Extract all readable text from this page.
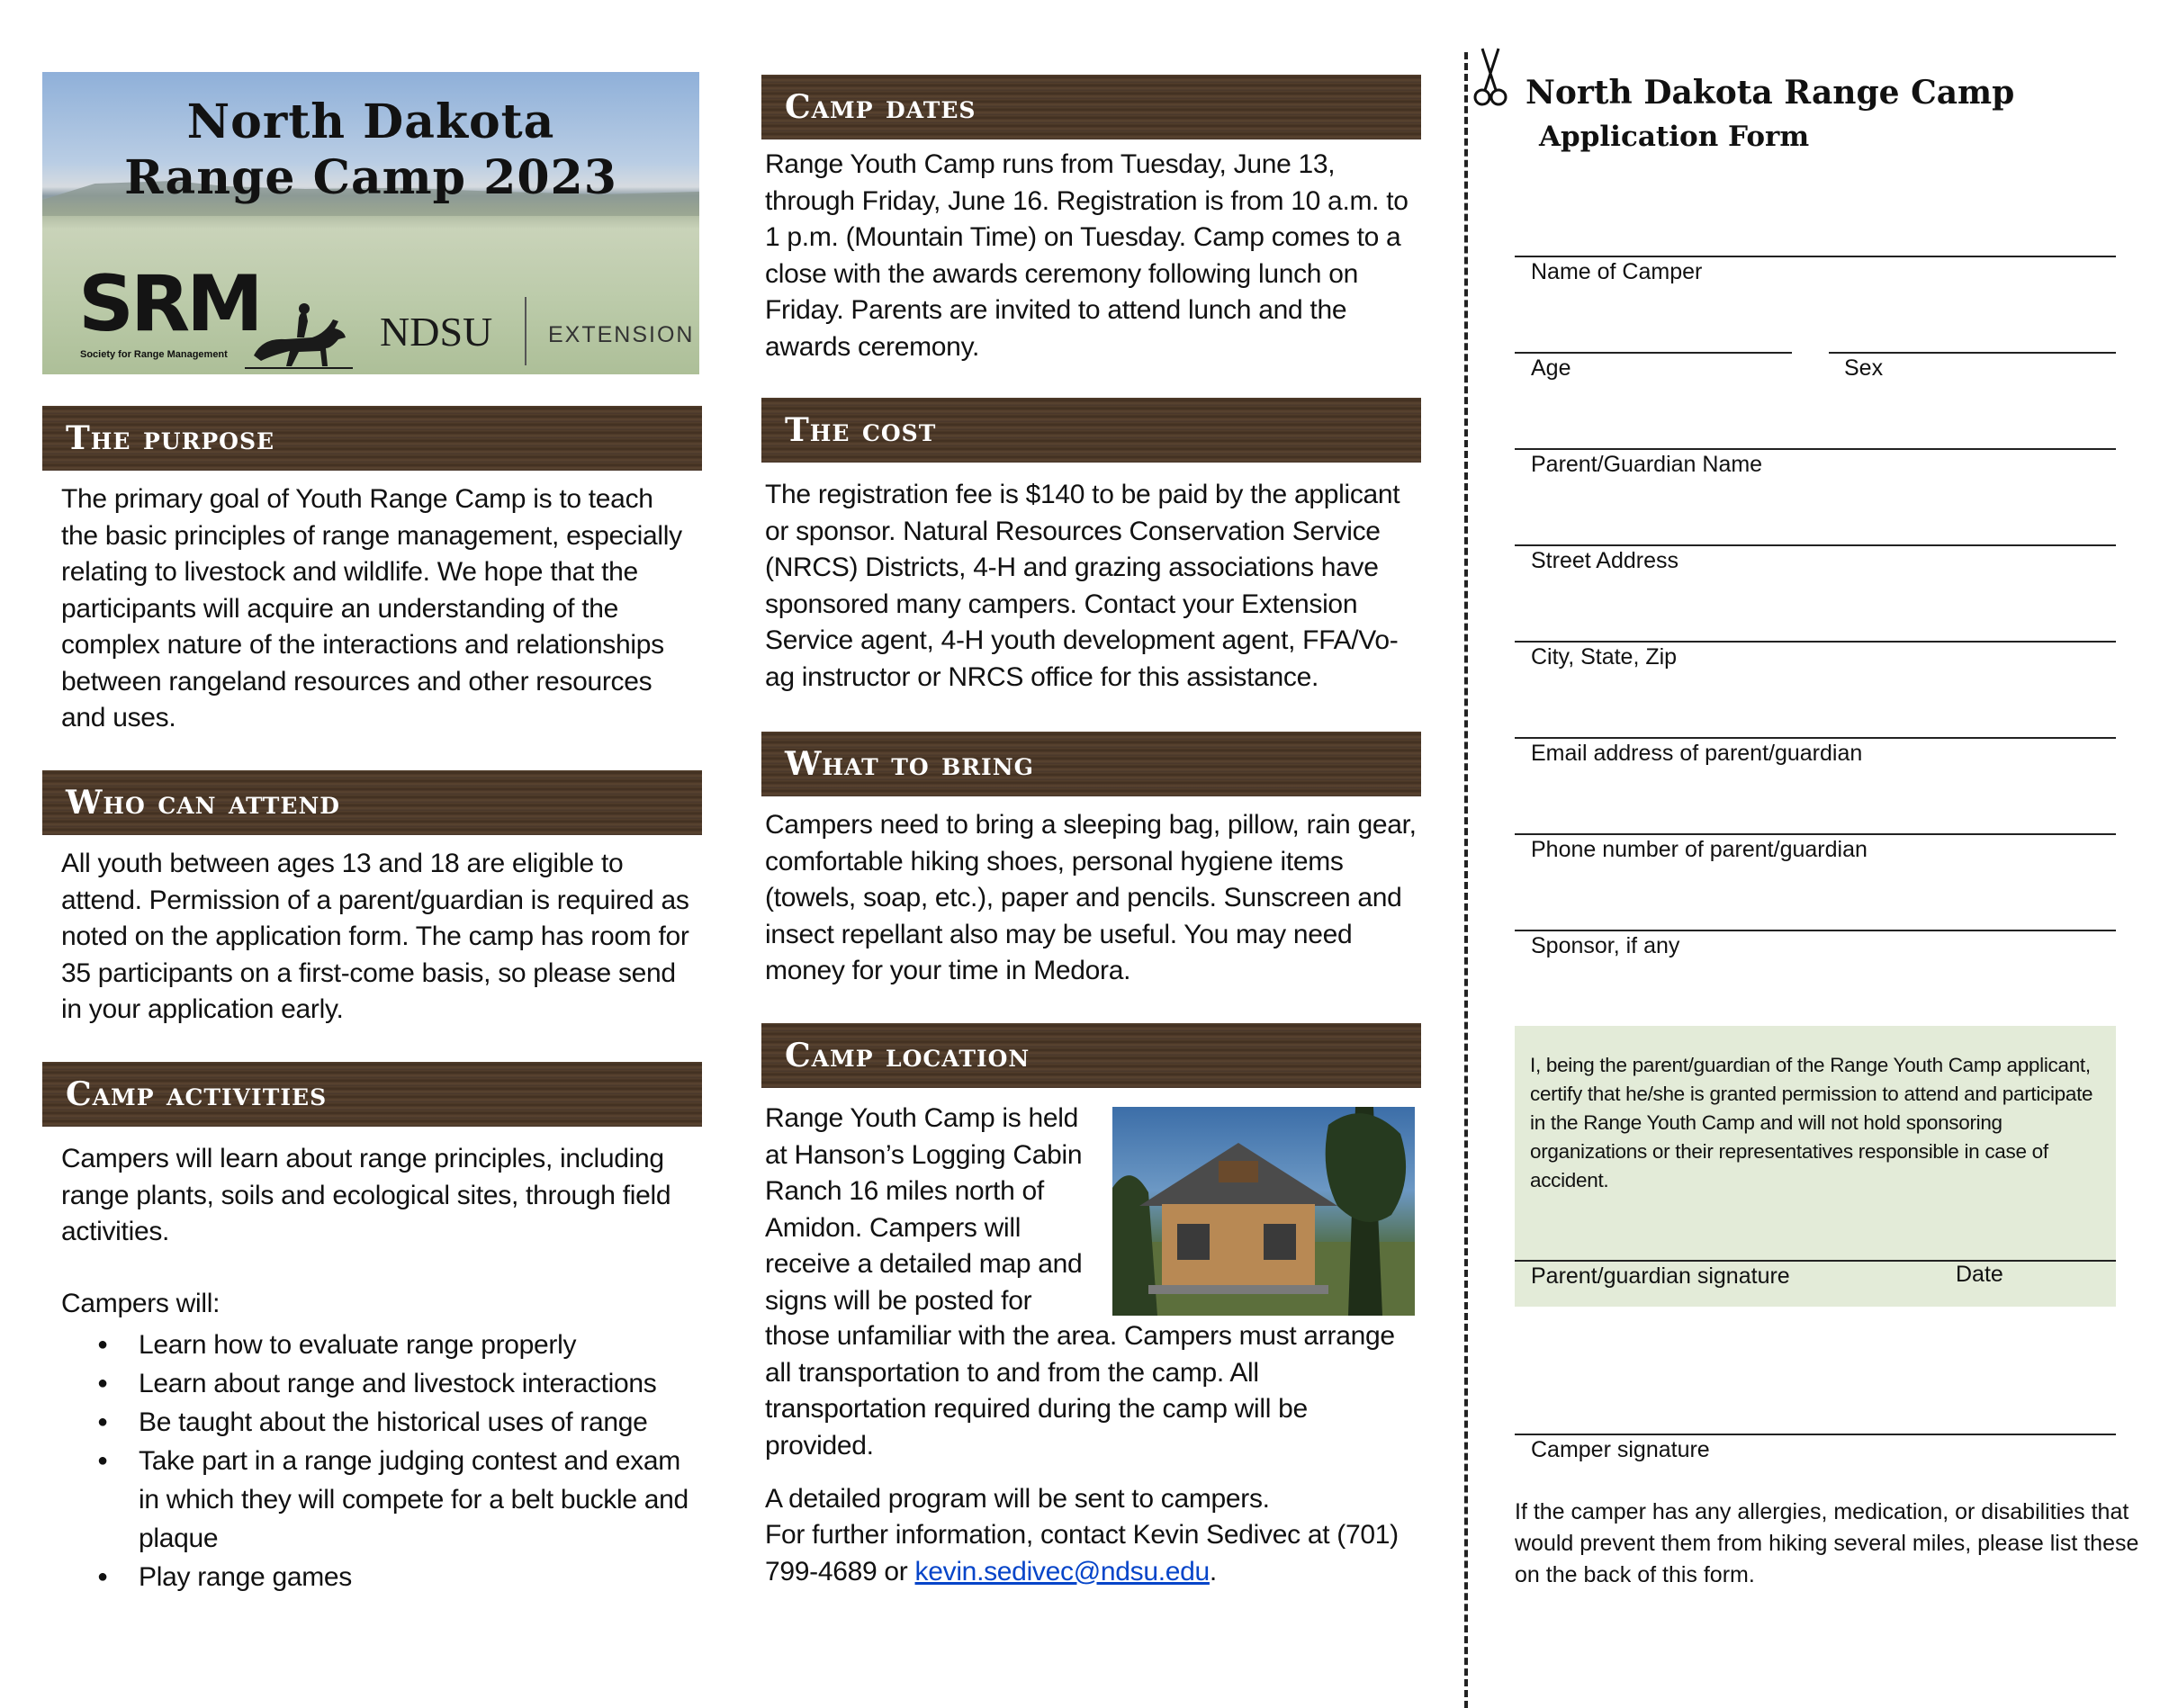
North Dakota
Range Camp 2023
SRM
Society for Range Management	NDSU EXTENSION
The purpose
The primary goal of Youth Range Camp is to teach the basic principles of range management, especially relating to livestock and wildlife. We hope that the participants will acquire an understanding of the complex nature of the interactions and relationships between rangeland resources and other resources and uses.
Who can attend
All youth between ages 13 and 18 are eligible to attend. Permission of a parent/guardian is required as noted on the application form. The camp has room for 35 participants on a first-come basis, so please send in your application early.
Camp activities
Campers will learn about range principles, including range plants, soils and ecological sites, through field activities.
Campers will:
● Learn how to evaluate range properly
● Learn about range and livestock interactions
● Be taught about the historical uses of range
● Take part in a range judging contest and exam in which they will compete for a belt buckle and plaque
● Play range games
Camp dates
Range Youth Camp runs from Tuesday, June 13, through Friday, June 16. Registration is from 10 a.m. to 1 p.m. (Mountain Time) on Tuesday. Camp comes to a close with the awards ceremony following lunch on Friday. Parents are invited to attend lunch and the awards ceremony.
The cost
The registration fee is $140 to be paid by the applicant or sponsor. Natural Resources Conservation Service (NRCS) Districts, 4-H and grazing associations have sponsored many campers. Contact your Extension Service agent, 4-H youth development agent, FFA/Vo-ag instructor or NRCS office for this assistance.
What to bring
Campers need to bring a sleeping bag, pillow, rain gear, comfortable hiking shoes, personal hygiene items (towels, soap, etc.), paper and pencils. Sunscreen and insect repellant also may be useful. You may need money for your time in Medora.
Camp location
Range Youth Camp is held at Hanson’s Logging Cabin Ranch 16 miles north of Amidon. Campers will receive a detailed map and signs will be posted for
those unfamiliar with the area. Campers must arrange all transportation to and from the camp. All transportation required during the camp will be provided.
A detailed program will be sent to campers.
For further information, contact Kevin Sedivec at (701) 799-4689 or kevin.sedivec@ndsu.edu.
North Dakota Range Camp
Application Form
Name of Camper
Age	Sex
Parent/Guardian Name
Street Address
City, State, Zip
Email address of parent/guardian
Phone number of parent/guardian
Sponsor, if any
I, being the parent/guardian of the Range Youth Camp applicant, certify that he/she is granted permission to attend and participate in the Range Youth Camp and will not hold sponsoring organizations or their representatives responsible in case of accident.
Parent/guardian signature	Date
Camper signature
If the camper has any allergies, medication, or disabilities that would prevent them from hiking several miles, please list these on the back of this form.
